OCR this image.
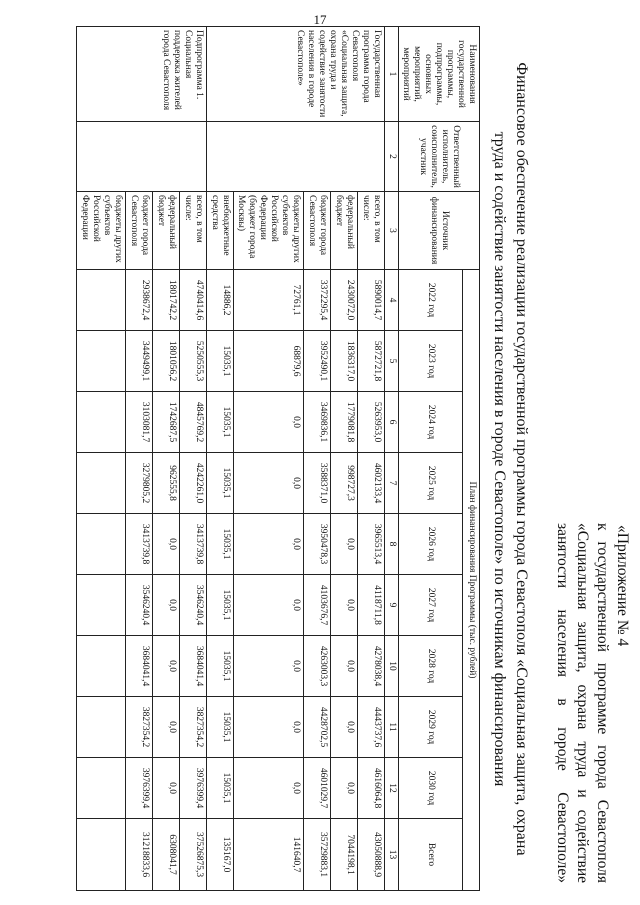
17
«Приложение № 4
к государственной программе города Севастополя
«Социальная защита, охрана труда и содействие
занятости населения в городе Севастополе»
Финансовое обеспечение реализации государственной программы города Севастополя «Социальная защита, охрана
труда и содействие занятости населения в городе Севастополе» по источникам финансирования
Наименования государственной программы, подпрограммы, основных мероприятий, мероприятий	Ответственный исполнитель, соисполнитель, участник	Источник финансирования	План финансирования Программы (тыс. рублей)									
			2022 год	2023 год	2024 год	2025 год	2026 год	2027 год	2028 год	2029 год	2030 год	Всего
1	2	3	4	5	6	7	8	9	10	11	12	13
Государственная программа города Севастополя «Социальная защита, охрана труда и содействие занятости населения в городе Севастополе»		всего, в том числе:	5890014,7	5872721,8	5263953,0	4602133,4	3965513,4	4118711,8	4278038,4	4443737,6	4616064,8	43050888,9
		федеральный бюджет	2430072,0	1836317,0	1779081,8	998727,3	0,0	0,0	0,0	0,0	0,0	7044198,1
		бюджет города Севастополя	3372295,4	3952490,1	3469836,1	3588371,0	3950478,3	4103676,7	4263003,3	4428702,5	4601029,7	35729883,1
		бюджеты других субъектов Российской Федерации (бюджет города Москвы)	72761,1	68879,6	0,0	0,0	0,0	0,0	0,0	0,0	0,0	141640,7
		внебюджетные средства	14886,2	15035,1	15035,1	15035,1	15035,1	15035,1	15035,1	15035,1	15035,1	135167,0
Подпрограмма 1. Социальная поддержка жителей города Севастополя		всего, в том числе:	4740414,6	5250555,3	4845769,2	4242261,0	3413739,8	3546240,4	3684041,4	3827354,2	3976399,4	37526875,3
		федеральный бюджет	1801742,2	1801056,2	1742687,5	962555,8	0,0	0,0	0,0	0,0	0,0	6308041,7
		бюджет города Севастополя	2938672,4	3449499,1	3103081,7	3279805,2	3413739,8	3546240,4	3684041,4	3827354,2	3976399,4	31218833,6
		бюджеты других субъектов Российской Федерации										
